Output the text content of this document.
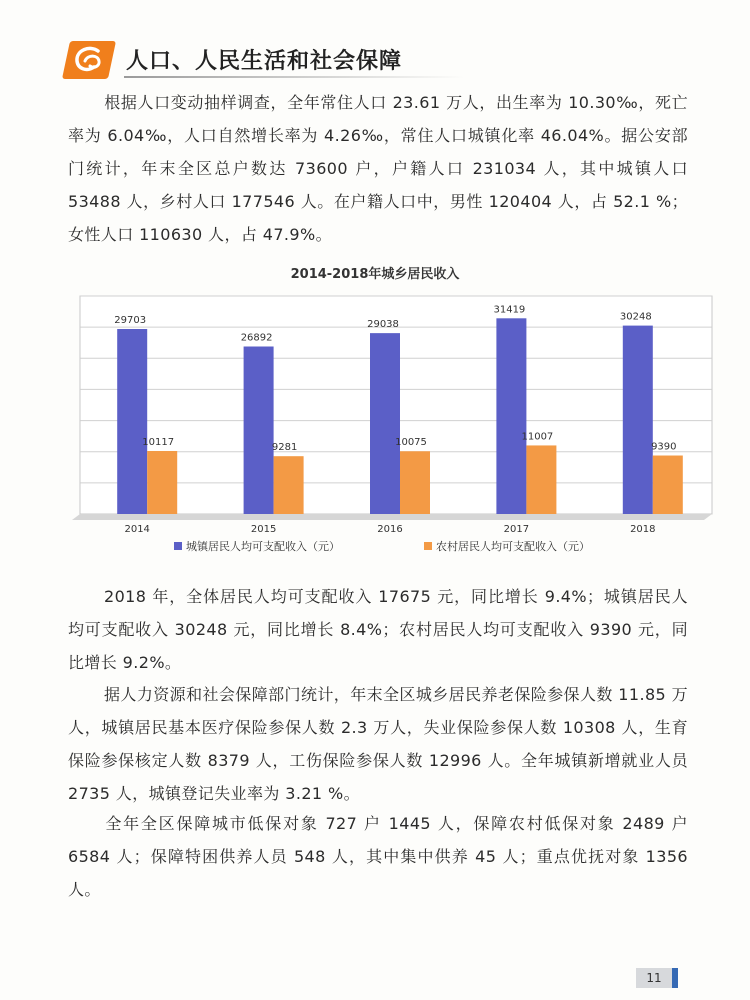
人口、人民生活和社会保障

根据人口变动抽样调查，全年常住人口 23.61 万人，出生率为 10.30‰，死亡率为 6.04‰，人口自然增长率为 4.26‰，常住人口城镇化率 46.04%。据公安部门统计，年末全区总户数达 73600 户，户籍人口 231034 人，其中城镇人口 53488 人，乡村人口 177546 人。在户籍人口中，男性 120404 人，占 52.1 %；女性人口 110630 人，占 47.9%。

2014-2018年城乡居民收入
29703
10117
2014
26892
9281
2015
29038
10075
2016
31419
11007
2017
30248
9390
2018
城镇居民人均可支配收入（元）	农村居民人均可支配收入（元）

2018 年，全体居民人均可支配收入 17675 元，同比增长 9.4%；城镇居民人均可支配收入 30248 元，同比增长 8.4%；农村居民人均可支配收入 9390 元，同比增长 9.2%。

据人力资源和社会保障部门统计，年末全区城乡居民养老保险参保人数 11.85 万人，城镇居民基本医疗保险参保人数 2.3 万人，失业保险参保人数 10308 人，生育保险参保核定人数 8379 人，工伤保险参保人数 12996 人。全年城镇新增就业人员 2735 人，城镇登记失业率为 3.21 %。

全年全区保障城市低保对象 727 户 1445 人，保障农村低保对象 2489 户 6584 人；保障特困供养人员 548 人，其中集中供养 45 人；重点优抚对象 1356 人。

11
